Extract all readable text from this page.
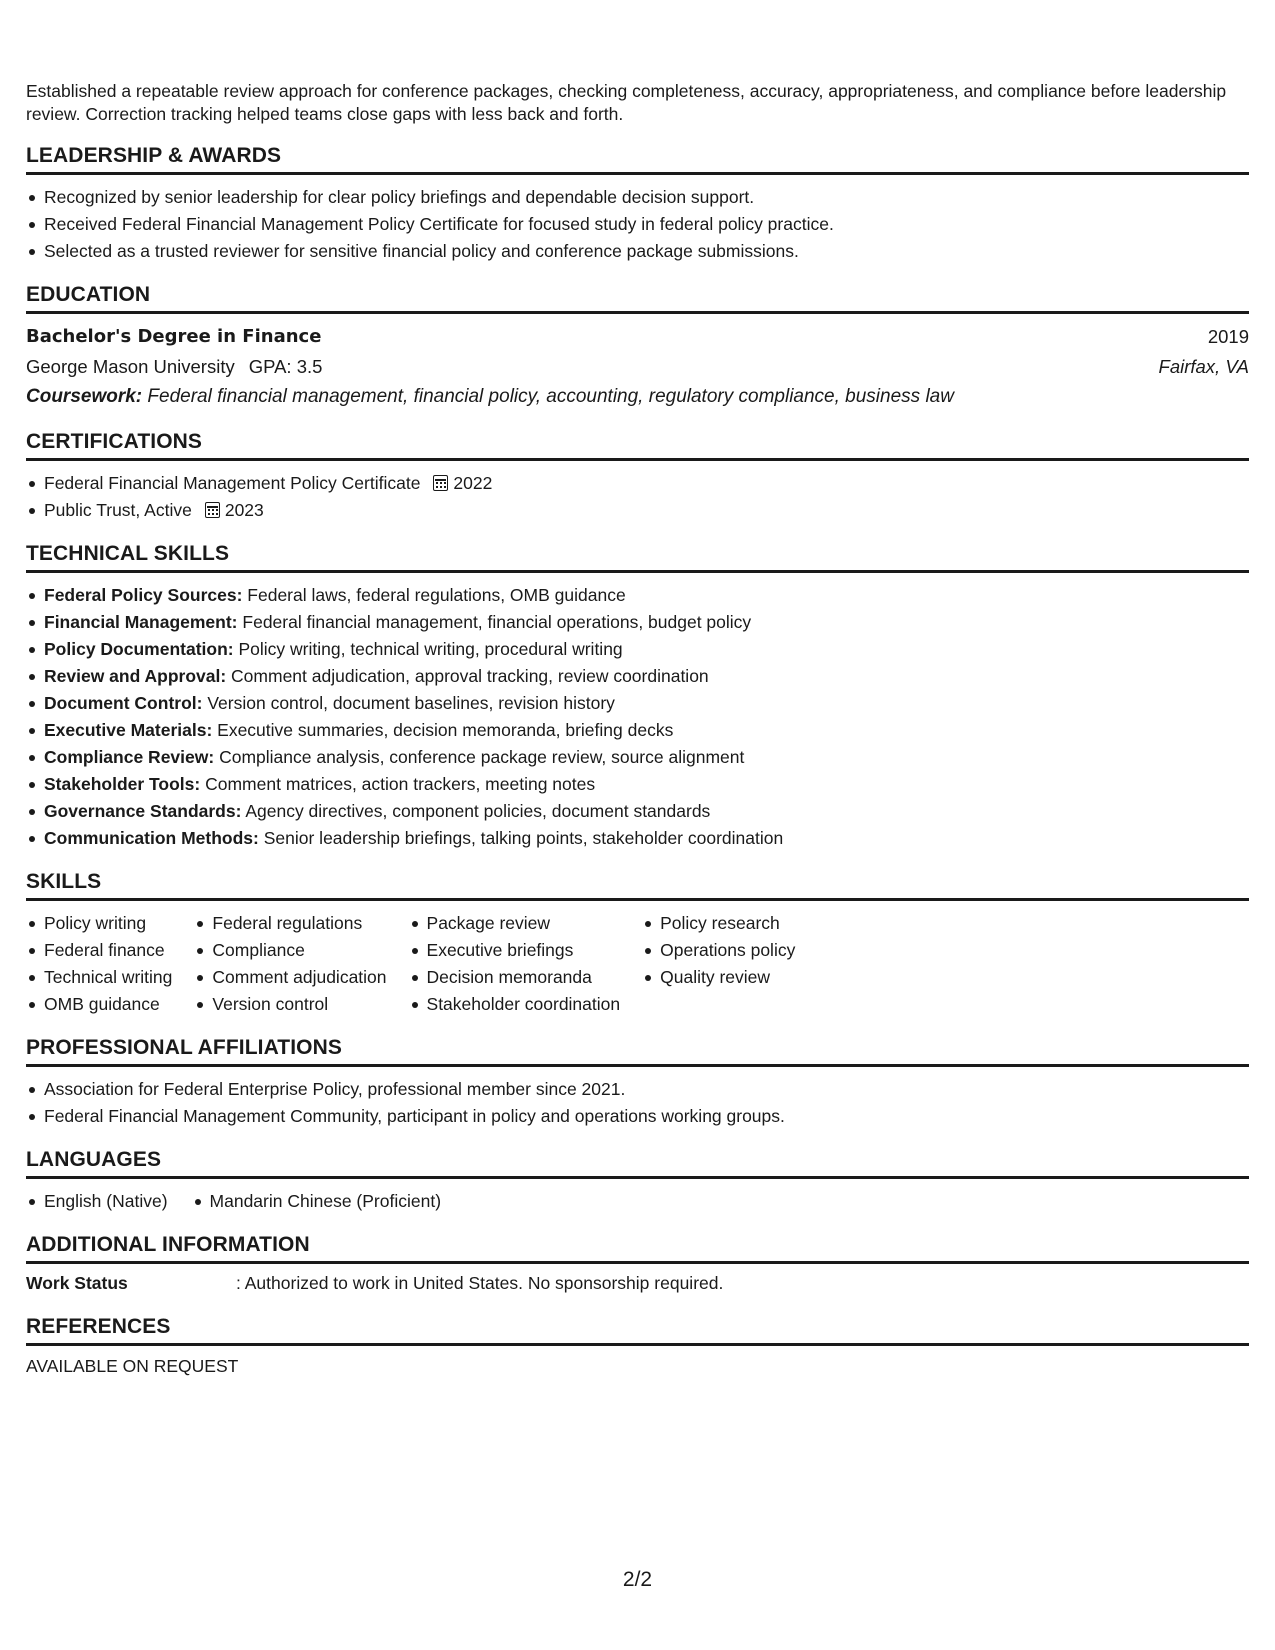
Established a repeatable review approach for conference packages, checking completeness, accuracy, appropriateness, and compliance before leadership review. Correction tracking helped teams close gaps with less back and forth.

LEADERSHIP & AWARDS
Recognized by senior leadership for clear policy briefings and dependable decision support.
Received Federal Financial Management Policy Certificate for focused study in federal policy practice.
Selected as a trusted reviewer for sensitive financial policy and conference package submissions.
EDUCATION
Bachelor's Degree in Finance	2019
George Mason University GPA: 3.5	Fairfax, VA
Coursework: Federal financial management, financial policy, accounting, regulatory compliance, business law
CERTIFICATIONS
Federal Financial Management Policy Certificate 2022
Public Trust, Active 2023
TECHNICAL SKILLS
Federal Policy Sources: Federal laws, federal regulations, OMB guidance
Financial Management: Federal financial management, financial operations, budget policy
Policy Documentation: Policy writing, technical writing, procedural writing
Review and Approval: Comment adjudication, approval tracking, review coordination
Document Control: Version control, document baselines, revision history
Executive Materials: Executive summaries, decision memoranda, briefing decks
Compliance Review: Compliance analysis, conference package review, source alignment
Stakeholder Tools: Comment matrices, action trackers, meeting notes
Governance Standards: Agency directives, component policies, document standards
Communication Methods: Senior leadership briefings, talking points, stakeholder coordination
SKILLS
Policy writing
Federal finance
Technical writing
OMB guidance
Federal regulations
Compliance
Comment adjudication
Version control
Package review
Executive briefings
Decision memoranda
Stakeholder coordination
Policy research
Operations policy
Quality review
PROFESSIONAL AFFILIATIONS
Association for Federal Enterprise Policy, professional member since 2021.
Federal Financial Management Community, participant in policy and operations working groups.
LANGUAGES
English (Native)	Mandarin Chinese (Proficient)
ADDITIONAL INFORMATION
Work Status	: Authorized to work in United States. No sponsorship required.
REFERENCES

AVAILABLE ON REQUEST

2/2
